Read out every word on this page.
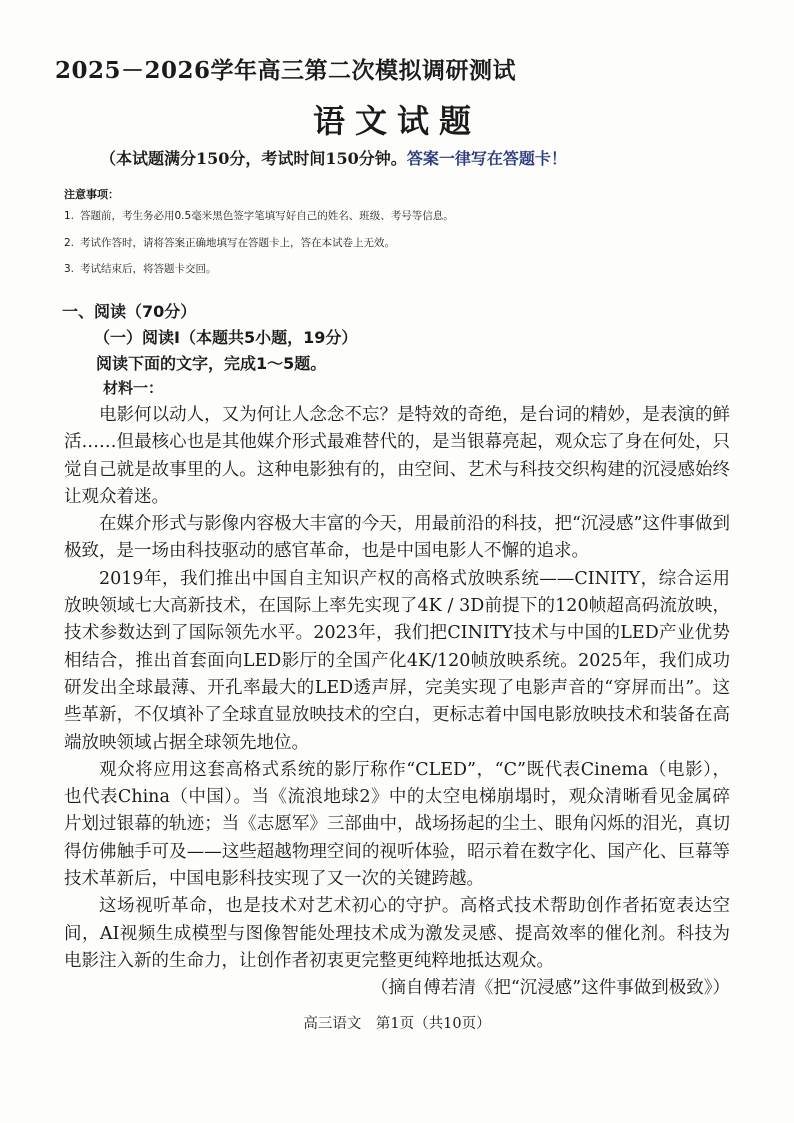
2025－2026学年高三第二次模拟调研测试
语文试题
（本试题满分150分，考试时间150分钟。答案一律写在答题卡！
注意事项：
1. 答题前，考生务必用0.5毫米黑色签字笔填写好自己的姓名、班级、考号等信息。
2. 考试作答时，请将答案正确地填写在答题卡上，答在本试卷上无效。
3. 考试结束后，将答题卡交回。
一、阅读（70分）
（一）阅读Ⅰ（本题共5小题，19分）
阅读下面的文字，完成1～5题。
材料一：

电影何以动人，又为何让人念念不忘？是特效的奇绝，是台词的精妙，是表演的鲜活……但最核心也是其他媒介形式最难替代的，是当银幕亮起，观众忘了身在何处，只觉自己就是故事里的人。这种电影独有的，由空间、艺术与科技交织构建的沉浸感始终让观众着迷。

在媒介形式与影像内容极大丰富的今天，用最前沿的科技，把“沉浸感”这件事做到极致，是一场由科技驱动的感官革命，也是中国电影人不懈的追求。

2019年，我们推出中国自主知识产权的高格式放映系统——CINITY，综合运用放映领域七大高新技术，在国际上率先实现了4K / 3D前提下的120帧超高码流放映，技术参数达到了国际领先水平。2023年，我们把CINITY技术与中国的LED产业优势相结合，推出首套面向LED影厅的全国产化4K/120帧放映系统。2025年，我们成功研发出全球最薄、开孔率最大的LED透声屏，完美实现了电影声音的“穿屏而出”。这些革新，不仅填补了全球直显放映技术的空白，更标志着中国电影放映技术和装备在高端放映领域占据全球领先地位。

观众将应用这套高格式系统的影厅称作“CLED”，“C”既代表Cinema（电影），也代表China（中国）。当《流浪地球2》中的太空电梯崩塌时，观众清晰看见金属碎片划过银幕的轨迹；当《志愿军》三部曲中，战场扬起的尘土、眼角闪烁的泪光，真切得仿佛触手可及——这些超越物理空间的视听体验，昭示着在数字化、国产化、巨幕等技术革新后，中国电影科技实现了又一次的关键跨越。

这场视听革命，也是技术对艺术初心的守护。高格式技术帮助创作者拓宽表达空间，AI视频生成模型与图像智能处理技术成为激发灵感、提高效率的催化剂。科技为电影注入新的生命力，让创作者初衷更完整更纯粹地抵达观众。

（摘自傅若清《把“沉浸感”这件事做到极致》）

高三语文　第1页（共10页）
